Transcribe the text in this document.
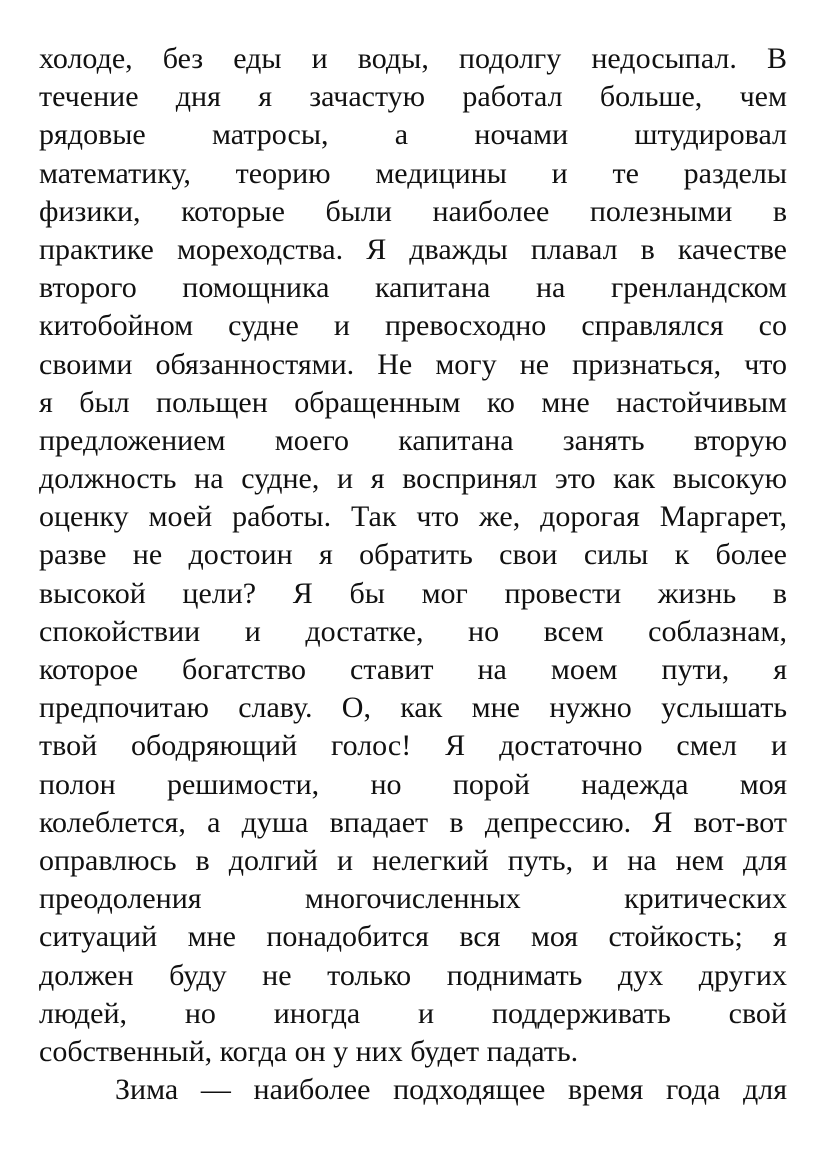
холоде, без еды и воды, подолгу недосыпал. В
течение дня я зачастую работал больше, чем
рядовые матросы, а ночами штудировал
математику, теорию медицины и те разделы
физики, которые были наиболее полезными в
практике мореходства. Я дважды плавал в качестве
второго помощника капитана на гренландском
китобойном судне и превосходно справлялся со
своими обязанностями. Не могу не признаться, что
я был польщен обращенным ко мне настойчивым
предложением моего капитана занять вторую
должность на судне, и я воспринял это как высокую
оценку моей работы. Так что же, дорогая Маргарет,
разве не достоин я обратить свои силы к более
высокой цели? Я бы мог провести жизнь в
спокойствии и достатке, но всем соблазнам,
которое богатство ставит на моем пути, я
предпочитаю славу. О, как мне нужно услышать
твой ободряющий голос! Я достаточно смел и
полон решимости, но порой надежда моя
колеблется, а душа впадает в депрессию. Я вот-вот
оправлюсь в долгий и нелегкий путь, и на нем для
преодоления многочисленных критических
ситуаций мне понадобится вся моя стойкость; я
должен буду не только поднимать дух других
людей, но иногда и поддерживать свой
собственный, когда он у них будет падать.
Зима — наиболее подходящее время года для
